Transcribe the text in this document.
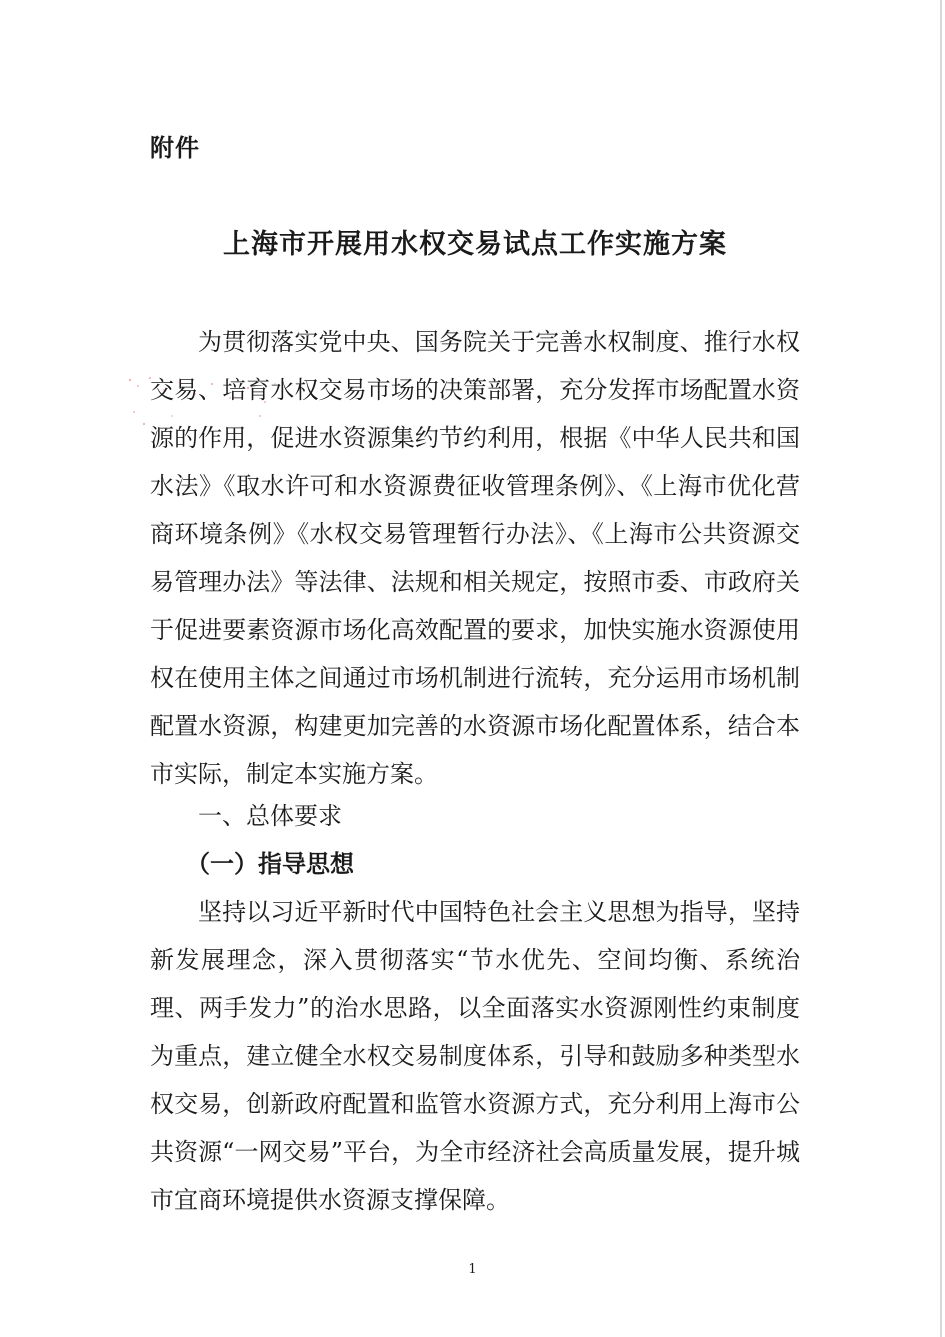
附件
上海市开展用水权交易试点工作实施方案

为贯彻落实党中央、国务院关于完善水权制度、推行水权交易、培育水权交易市场的决策部署，充分发挥市场配置水资源的作用，促进水资源集约节约利用，根据《中华人民共和国水法》《取水许可和水资源费征收管理条例》、《上海市优化营商环境条例》《水权交易管理暂行办法》、《上海市公共资源交易管理办法》等法律、法规和相关规定，按照市委、市政府关于促进要素资源市场化高效配置的要求，加快实施水资源使用权在使用主体之间通过市场机制进行流转，充分运用市场机制配置水资源，构建更加完善的水资源市场化配置体系，结合本市实际，制定本实施方案。

一、总体要求
（一）指导思想

坚持以习近平新时代中国特色社会主义思想为指导，坚持新发展理念，深入贯彻落实“节水优先、空间均衡、系统治理、两手发力”的治水思路，以全面落实水资源刚性约束制度为重点，建立健全水权交易制度体系，引导和鼓励多种类型水权交易，创新政府配置和监管水资源方式，充分利用上海市公共资源“一网交易”平台，为全市经济社会高质量发展，提升城市宜商环境提供水资源支撑保障。

1
